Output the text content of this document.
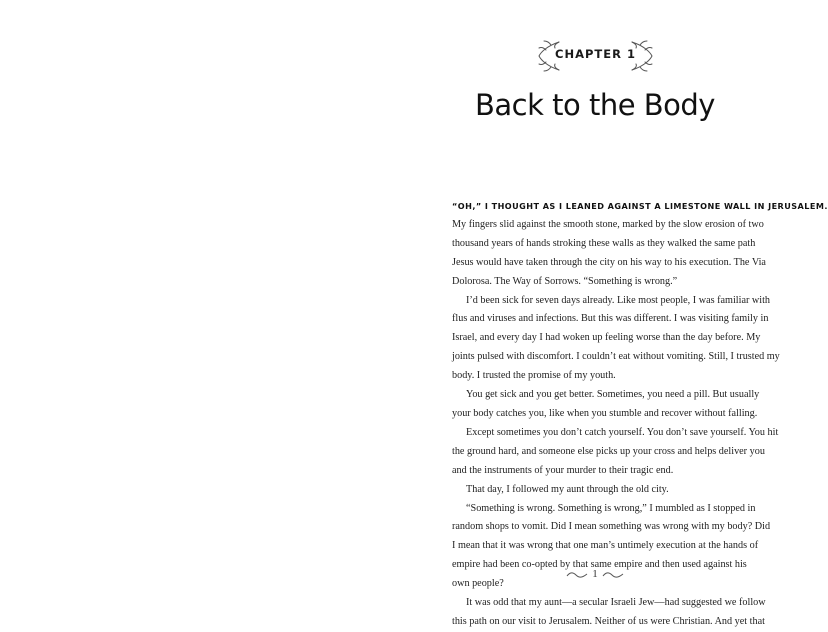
CHAPTER 1
Back to the Body
“OH,” I THOUGHT AS I LEANED AGAINST A LIMESTONE WALL IN JERUSALEM.
My fingers slid against the smooth stone, marked by the slow erosion of two
thousand years of hands stroking these walls as they walked the same path
Jesus would have taken through the city on his way to his execution. The Via
Dolorosa. The Way of Sorrows. “Something is wrong.”
I’d been sick for seven days already. Like most people, I was familiar with
flus and viruses and infections. But this was different. I was visiting family in
Israel, and every day I had woken up feeling worse than the day before. My
joints pulsed with discomfort. I couldn’t eat without vomiting. Still, I trusted my
body. I trusted the promise of my youth.
You get sick and you get better. Sometimes, you need a pill. But usually
your body catches you, like when you stumble and recover without falling.
Except sometimes you don’t catch yourself. You don’t save yourself. You hit
the ground hard, and someone else picks up your cross and helps deliver you
and the instruments of your murder to their tragic end.
That day, I followed my aunt through the old city.
“Something is wrong. Something is wrong,” I mumbled as I stopped in
random shops to vomit. Did I mean something was wrong with my body? Did
I mean that it was wrong that one man’s untimely execution at the hands of
empire had been co-opted by that same empire and then used against his
own people?
It was odd that my aunt—a secular Israeli Jew—had suggested we follow
this path on our visit to Jerusalem. Neither of us were Christian. And yet that
1
